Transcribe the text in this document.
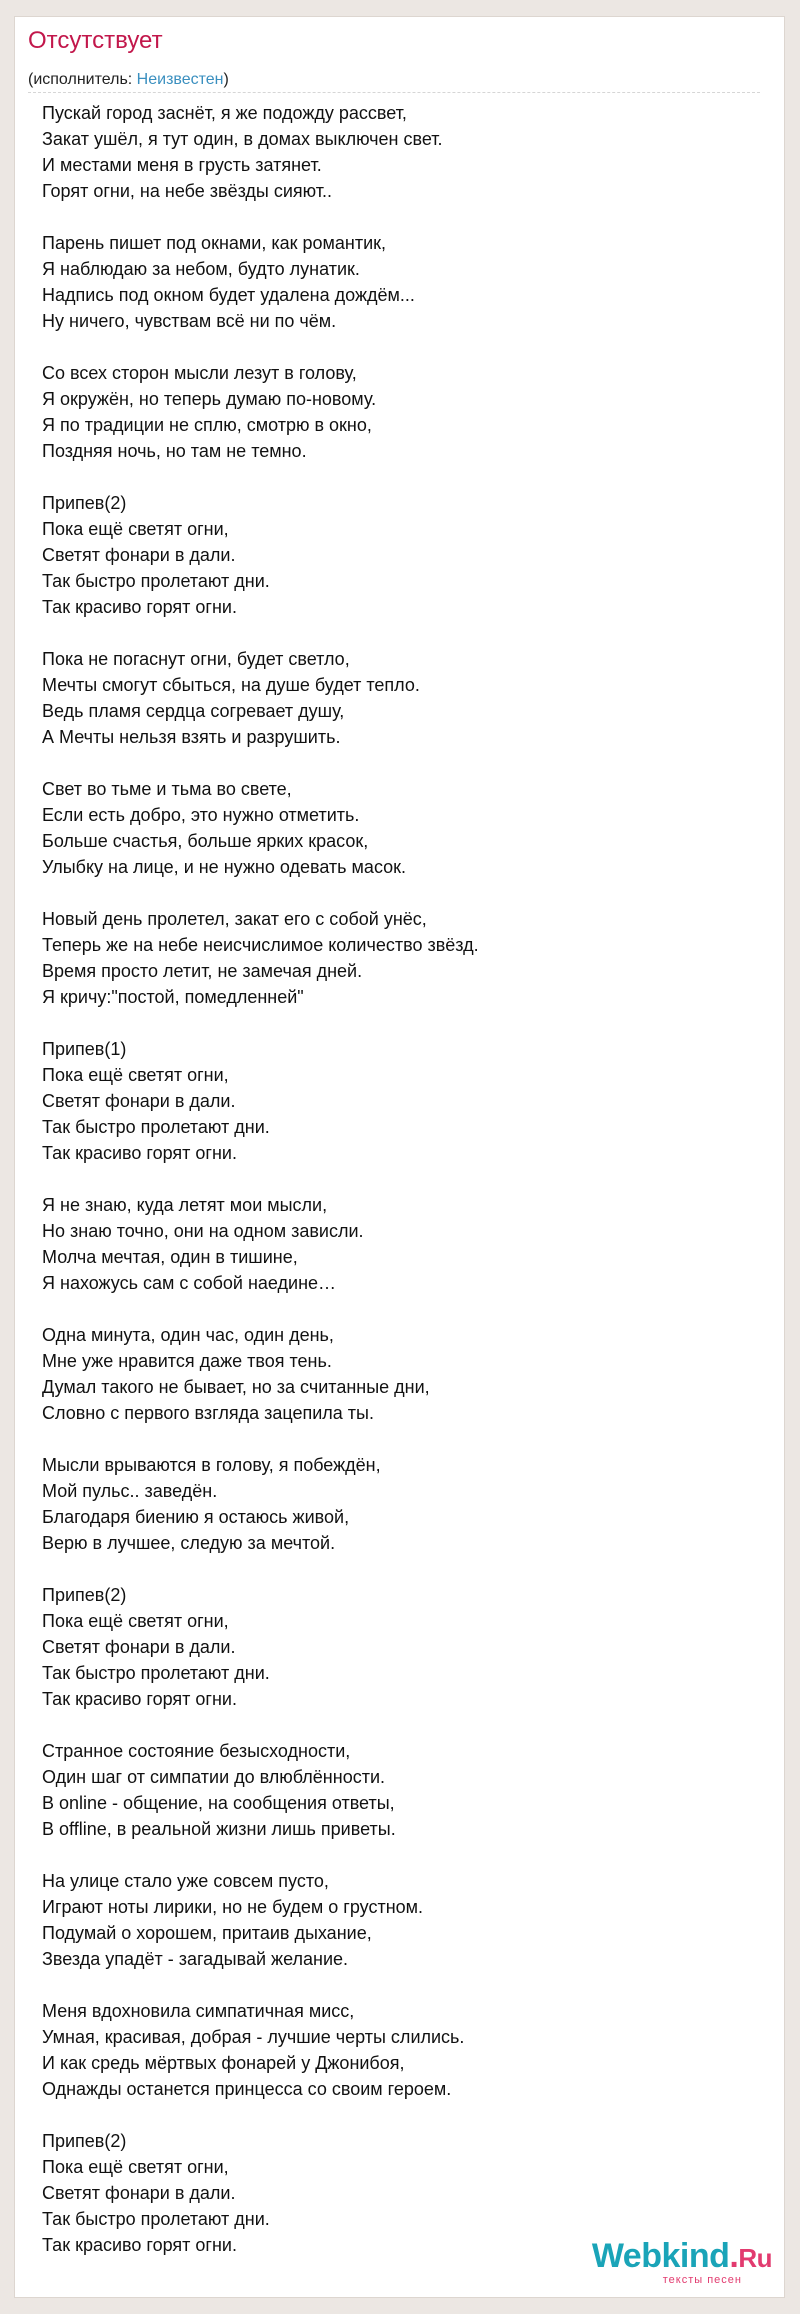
Отсутствует
(исполнитель: Неизвестен)
Пускай город заснёт, я же подожду рассвет,
Закат ушёл, я тут один, в домах выключен свет.
И местами меня в грусть затянет.
Горят огни, на небе звёзды сияют..
Парень пишет под окнами, как романтик,
Я наблюдаю за небом, будто лунатик.
Надпись под окном будет удалена дождём...
Ну ничего, чувствам всё ни по чём.
Со всех сторон мысли лезут в голову,
Я окружён, но теперь думаю по-новому.
Я по традиции не сплю, смотрю в окно,
Поздняя ночь, но там не темно.
Припев(2)
Пока ещё светят огни,
Светят фонари в дали.
Так быстро пролетают дни.
Так красиво горят огни.
Пока не погаснут огни, будет светло,
Мечты смогут сбыться, на душе будет тепло.
Ведь пламя сердца согревает душу,
А Мечты нельзя взять и разрушить.
Свет во тьме и тьма во свете,
Если есть добро, это нужно отметить.
Больше счастья, больше ярких красок,
Улыбку на лице, и не нужно одевать масок.
Новый день пролетел, закат его с собой унёс,
Теперь же на небе неисчислимое количество звёзд.
Время просто летит, не замечая дней.
Я кричу:"постой, помедленней"
Припев(1)
Пока ещё светят огни,
Светят фонари в дали.
Так быстро пролетают дни.
Так красиво горят огни.
Я не знаю, куда летят мои мысли,
Но знаю точно, они на одном зависли.
Молча мечтая, один в тишине,
Я нахожусь сам с собой наедине…
Одна минута, один час, один день,
Мне уже нравится даже твоя тень.
Думал такого не бывает, но за считанные дни,
Словно с первого взгляда зацепила ты.
Мысли врываются в голову, я побеждён,
Мой пульс.. заведён.
Благодаря биению я остаюсь живой,
Верю в лучшее, следую за мечтой.
Припев(2)
Пока ещё светят огни,
Светят фонари в дали.
Так быстро пролетают дни.
Так красиво горят огни.
Странное состояние безысходности,
Один шаг от симпатии до влюблённости.
В online - общение, на сообщения ответы,
В offline, в реальной жизни лишь приветы.
На улице стало уже совсем пусто,
Играют ноты лирики, но не будем о грустном.
Подумай о хорошем, притаив дыхание,
Звезда упадёт - загадывай желание.
Меня вдохновила симпатичная мисс,
Умная, красивая, добрая - лучшие черты слились.
И как средь мёртвых фонарей у Джонибоя,
Однажды останется принцесса со своим героем.
Припев(2)
Пока ещё светят огни,
Светят фонари в дали.
Так быстро пролетают дни.
Так красиво горят огни.	Webkind.Ru
тексты песен
